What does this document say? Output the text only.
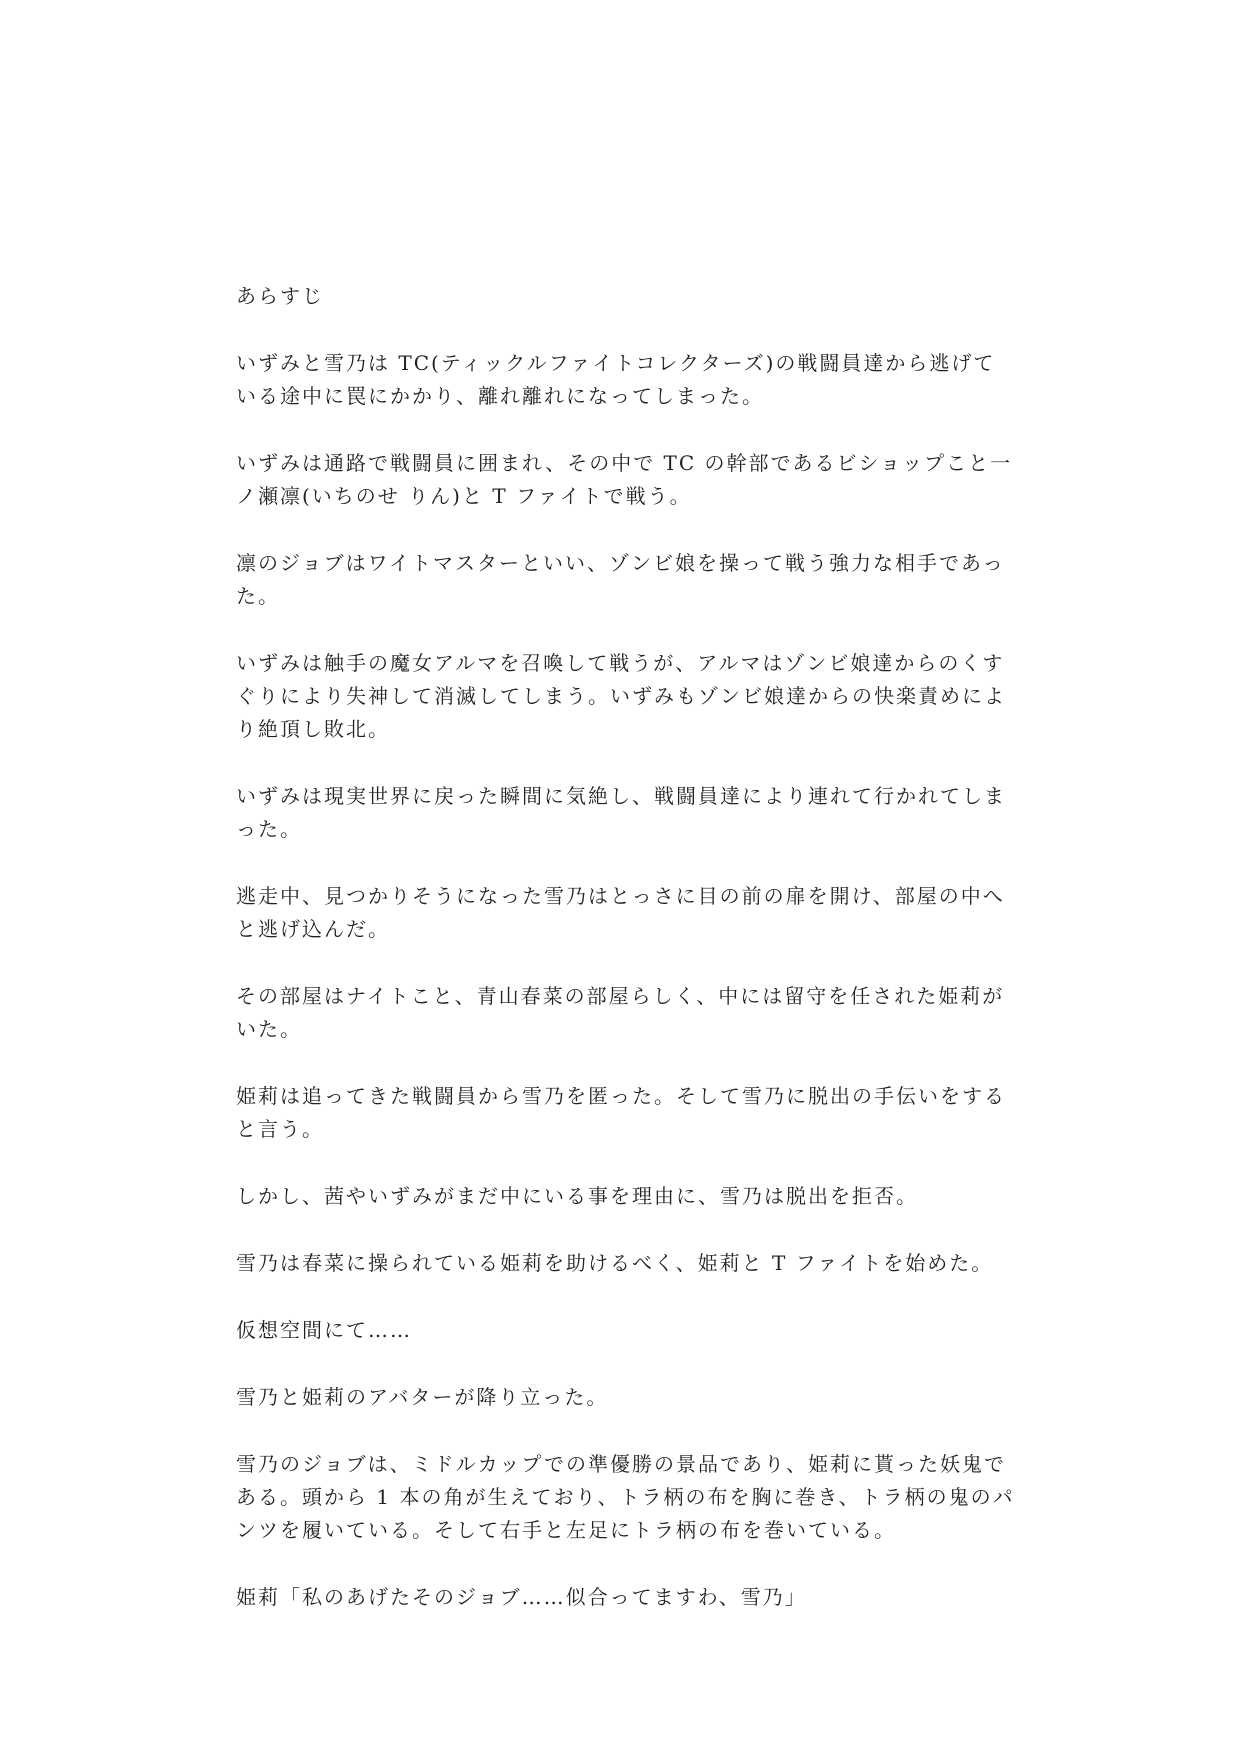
あらすじ

いずみと雪乃は TC(ティックルファイトコレクターズ)の戦闘員達から逃げている途中に罠にかかり、離れ離れになってしまった。

いずみは通路で戦闘員に囲まれ、その中で TC の幹部であるビショップこと一ノ瀬凛(いちのせ りん)と T ファイトで戦う。

凛のジョブはワイトマスターといい、ゾンビ娘を操って戦う強力な相手であった。

いずみは触手の魔女アルマを召喚して戦うが、アルマはゾンビ娘達からのくすぐりにより失神して消滅してしまう。いずみもゾンビ娘達からの快楽責めにより絶頂し敗北。

いずみは現実世界に戻った瞬間に気絶し、戦闘員達により連れて行かれてしまった。

逃走中、見つかりそうになった雪乃はとっさに目の前の扉を開け、部屋の中へと逃げ込んだ。

その部屋はナイトこと、青山春菜の部屋らしく、中には留守を任された姫莉がいた。

姫莉は追ってきた戦闘員から雪乃を匿った。そして雪乃に脱出の手伝いをすると言う。

しかし、茜やいずみがまだ中にいる事を理由に、雪乃は脱出を拒否。

雪乃は春菜に操られている姫莉を助けるべく、姫莉と T ファイトを始めた。

仮想空間にて……

雪乃と姫莉のアバターが降り立った。

雪乃のジョブは、ミドルカップでの準優勝の景品であり、姫莉に貰った妖鬼である。頭から 1 本の角が生えており、トラ柄の布を胸に巻き、トラ柄の鬼のパンツを履いている。そして右手と左足にトラ柄の布を巻いている。

姫莉「私のあげたそのジョブ……似合ってますわ、雪乃」
